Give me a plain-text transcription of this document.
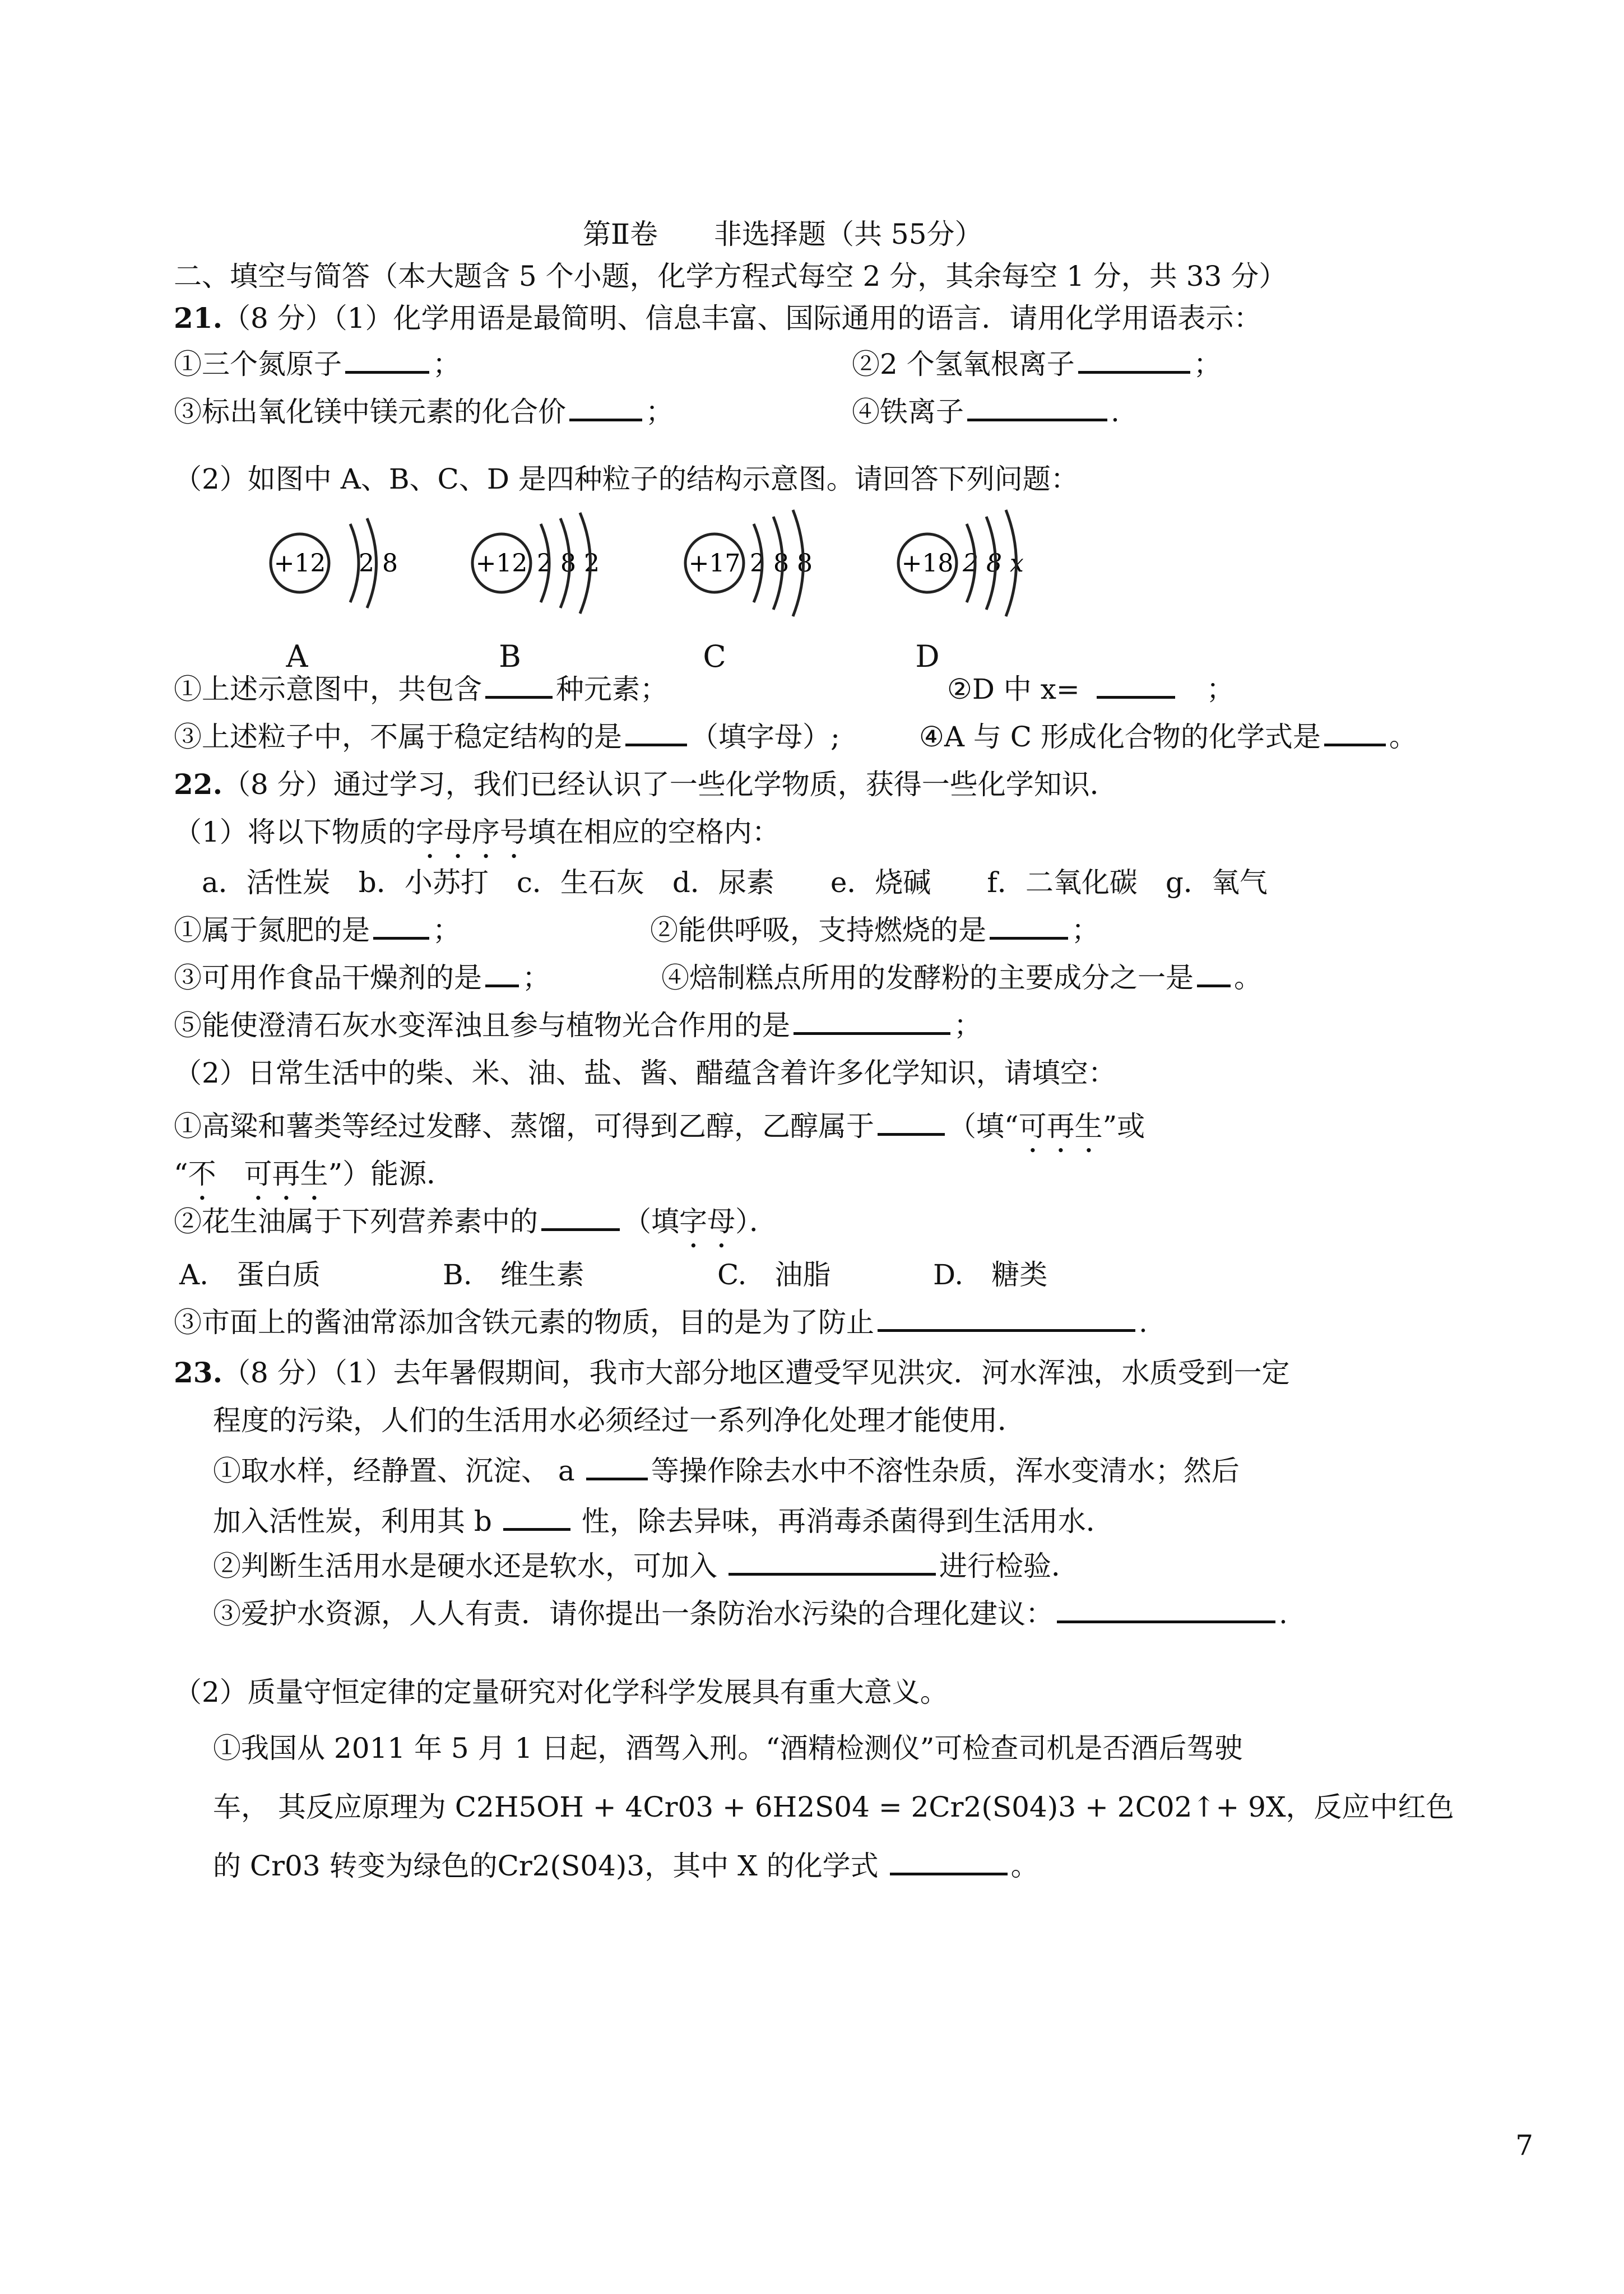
第Ⅱ卷　　非选择题（共 55分）
二、填空与简答（本大题含 5 个小题，化学方程式每空 2 分，其余每空 1 分，共 33 分）
21.（8 分）（1）化学用语是最简明、信息丰富、国际通用的语言．请用化学用语表示：
①三个氮原子	；	②2 个氢氧根离子	；
③标出氧化镁中镁元素的化合价	；	④铁离子	.
（2）如图中 A、B、C、D 是四种粒子的结构示意图。请回答下列问题：
+12 2 8
A
+12 2 8 2
B
+17 2 8 8
C
+18 2 8 x
D
①上述示意图中，共包含	种元素；	②D 中 x=	　；
③上述粒子中，不属于稳定结构的是 （填字母）;	④A 与 C 形成化合物的化学式是 。
22.（8 分）通过学习，我们已经认识了一些化学物质，获得一些化学知识．
（1）将以下物质的字母序号填在相应的空格内：
a．活性炭　b．小苏打　c．生石灰　d．尿素　　e．烧碱　　f．二氧化碳　g．氧气
①属于氮肥的是 ；	②能供呼吸，支持燃烧的是	；
③可用作食品干燥剂的是 ；	④焙制糕点所用的发酵粉的主要成分之一是 。
⑤能使澄清石灰水变浑浊且参与植物光合作用的是	；
（2）日常生活中的柴、米、油、盐、酱、醋蕴含着许多化学知识，请填空：
①高粱和薯类等经过发酵、蒸馏，可得到乙醇，乙醇属于	（填“可再生”或
“不　可再生”）能源．
②花生油属于下列营养素中的	（填字母）．
A.　蛋白质	B.　维生素	C.　油脂	D.　糖类
③市面上的酱油常添加含铁元素的物质，目的是为了防止	.
23.（8 分）（1）去年暑假期间，我市大部分地区遭受罕见洪灾．河水浑浊，水质受到一定
程度的污染，人们的生活用水必须经过一系列净化处理才能使用．
①取水样，经静置、沉淀、 a	等操作除去水中不溶性杂质，浑水变清水；然后
加入活性炭，利用其 b	性，除去异味，再消毒杀菌得到生活用水．
②判断生活用水是硬水还是软水，可加入	进行检验．
③爱护水资源，人人有责．请你提出一条防治水污染的合理化建议：	.
（2）质量守恒定律的定量研究对化学科学发展具有重大意义。
①我国从 2011 年 5 月 1 日起，酒驾入刑。“酒精检测仪”可检查司机是否酒后驾驶
车， 其反应原理为 C2H5OH + 4Cr03 + 6H2S04 = 2Cr2(S04)3 + 2C02↑+ 9X，反应中红色
的 Cr03 转变为绿色的Cr2(S04)3，其中 X 的化学式	。
7
